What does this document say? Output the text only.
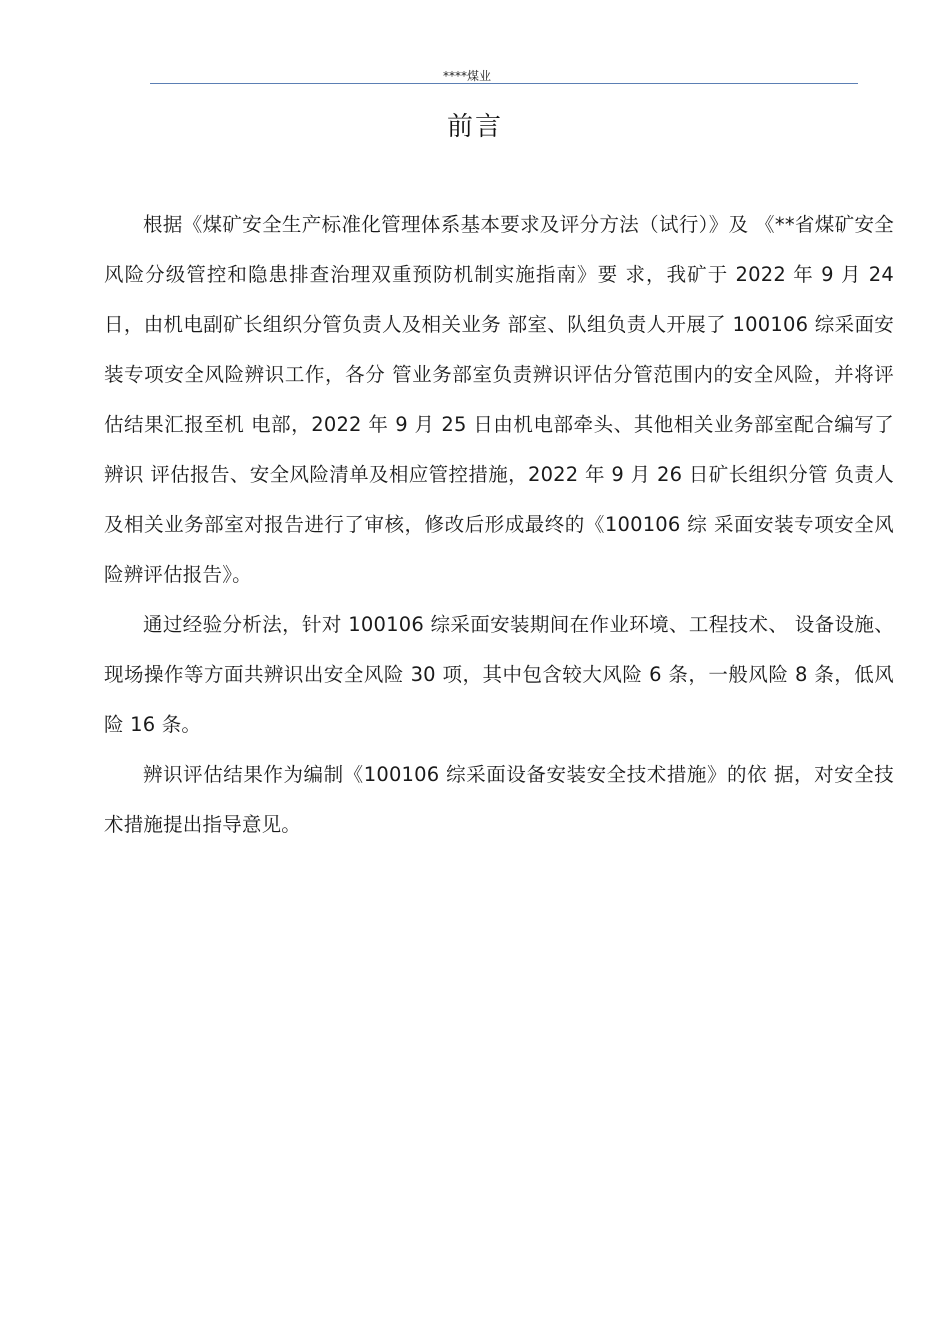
****煤业
前言

根据《煤矿安全生产标准化管理体系基本要求及评分方法（试行）》及 《**省煤矿安全风险分级管控和隐患排查治理双重预防机制实施指南》要 求，我矿于 2022 年 9 月 24 日，由机电副矿长组织分管负责人及相关业务 部室、队组负责人开展了 100106 综采面安装专项安全风险辨识工作，各分 管业务部室负责辨识评估分管范围内的安全风险，并将评估结果汇报至机 电部，2022 年 9 月 25 日由机电部牵头、其他相关业务部室配合编写了辨识 评估报告、安全风险清单及相应管控措施，2022 年 9 月 26 日矿长组织分管 负责人及相关业务部室对报告进行了审核，修改后形成最终的《100106 综 采面安装专项安全风险辨评估报告》。

通过经验分析法，针对 100106 综采面安装期间在作业环境、工程技术、 设备设施、现场操作等方面共辨识出安全风险 30 项，其中包含较大风险 6 条，一般风险 8 条，低风险 16 条。

辨识评估结果作为编制《100106 综采面设备安装安全技术措施》的依 据，对安全技术措施提出指导意见。
